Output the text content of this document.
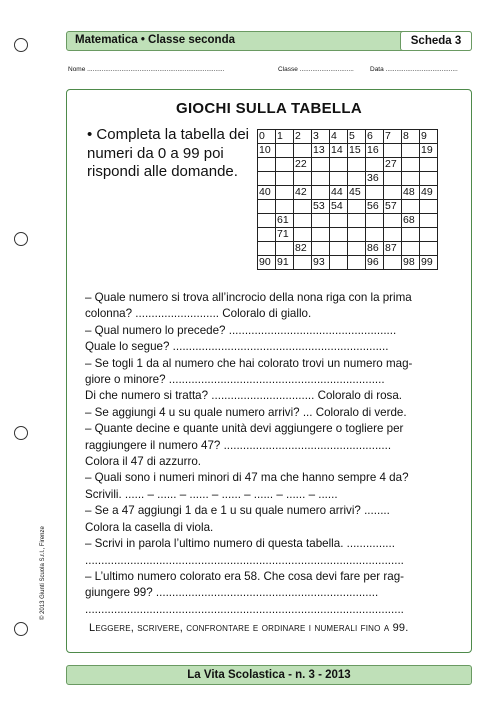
Matematica • Classe seconda	Scheda 3
Nome ............................................................................	Classe .............................. Data ........................................
GIOCHI SULLA TABELLA
• Completa la tabella dei numeri da 0 a 99 poi rispondi alle domande.
0	1	2	3	4	5	6	7	8	9
10			13	14	15	16			19
		22					27		
						36			
40		42		44	45			48	49
			53	54		56	57		
	61							68	
	71								
		82				86	87		
90	91		93			96		98	99
– Quale numero si trova all’incrocio della nona riga con la prima
colonna? .......................... Coloralo di giallo.
– Qual numero lo precede? ....................................................
Quale lo segue? ...................................................................
– Se togli 1 da al numero che hai colorato trovi un numero mag-
giore o minore? ...................................................................
Di che numero si tratta? ................................ Coloralo di rosa.
– Se aggiungi 4 u su quale numero arrivi? ... Coloralo di verde.
– Quante decine e quante unità devi aggiungere o togliere per
raggiungere il numero 47? ....................................................
Colora il 47 di azzurro.
– Quali sono i numeri minori di 47 ma che hanno sempre 4 da?
Scrivili. ...... – ...... – ...... – ...... – ...... – ...... – ......
– Se a 47 aggiungi 1 da e 1 u su quale numero arrivi? ........
Colora la casella di viola.
– Scrivi in parola l’ultimo numero di questa tabella. ...............
...................................................................................................
– L’ultimo numero colorato era 58. Che cosa devi fare per rag-
giungere 99? .....................................................................
...................................................................................................
Leggere, scrivere, confrontare e ordinare i numerali fino a 99.
© 2013 Giunti Scuola S.r.l., Firenze
La Vita Scolastica - n. 3 - 2013
